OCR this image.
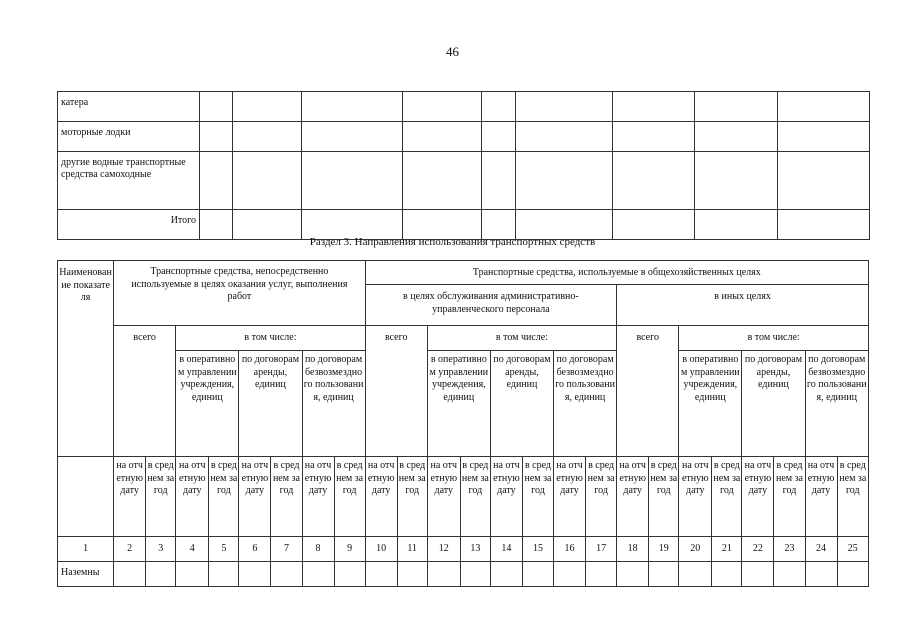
46
катера									
моторные лодки									
другие водные транспортные средства самоходные									
Итого									
Раздел 3. Направления использования транспортных средств
Наименование показателя	Транспортные средства, непосредственно используемые в целях оказания услуг, выполнения работ								Транспортные средства, используемые в общехозяйственных целях															
									в целях обслуживания административно-управленческого персонала								в иных целях							
	всего		в том числе:						всего		в том числе:						всего		в том числе:					
			в оперативном управлении учреждения, единиц		по договорам аренды, единиц		по договорам безвозмездного пользования, единиц				в оперативном управлении учреждения, единиц		по договорам аренды, единиц		по договорам безвозмездного пользования, единиц				в оперативном управлении учреждения, единиц		по договорам аренды, единиц		по договорам безвозмездного пользования, единиц	
	на отчетную дату	в среднем за год	на отчетную дату	в среднем за год	на отчетную дату	в среднем за год	на отчетную дату	в среднем за год	на отчетную дату	в среднем за год	на отчетную дату	в среднем за год	на отчетную дату	в среднем за год	на отчетную дату	в среднем за год	на отчетную дату	в среднем за год	на отчетную дату	в среднем за год	на отчетную дату	в среднем за год	на отчетную дату	в среднем за год
1	2	3	4	5	6	7	8	9	10	11	12	13	14	15	16	17	18	19	20	21	22	23	24	25
Наземны																								
